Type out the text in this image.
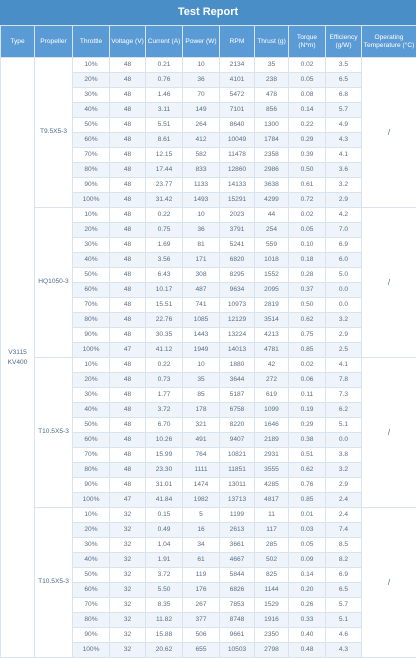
Test Report
Type	Propeller	Throttle	Voltage (V)	Current (A)	Power (W)	RPM	Thrust (g)	Torque (N*m)	Efficiency (g/W)	Operating Temperature (°C)
V3115 KV400	T9.5X5-3	10%	48	0.21	10	2134	35	0.02	3.5	/
		20%	48	0.76	36	4101	238	0.05	6.5	
		30%	48	1.46	70	5472	478	0.08	6.8	
		40%	48	3.11	149	7101	856	0.14	5.7	
		50%	48	5.51	264	8640	1300	0.22	4.9	
		60%	48	8.61	412	10049	1784	0.29	4.3	
		70%	48	12.15	582	11478	2358	0.39	4.1	
		80%	48	17.44	833	12860	2986	0.50	3.6	
		90%	48	23.77	1133	14133	3638	0.61	3.2	
		100%	48	31.42	1493	15291	4299	0.72	2.9	
	HQ1050-3	10%	48	0.22	10	2023	44	0.02	4.2	/
		20%	48	0.75	36	3791	254	0.05	7.0	
		30%	48	1.69	81	5241	559	0.10	6.9	
		40%	48	3.56	171	6820	1018	0.18	6.0	
		50%	48	6.43	308	8295	1552	0.28	5.0	
		60%	48	10.17	487	9634	2095	0.37	0.0	
		70%	48	15.51	741	10973	2819	0.50	0.0	
		80%	48	22.76	1085	12129	3514	0.62	3.2	
		90%	48	30.35	1443	13224	4213	0.75	2.9	
		100%	47	41.12	1949	14013	4781	0.85	2.5	
	T10.5X5-3	10%	48	0.22	10	1880	42	0.02	4.1	/
		20%	48	0.73	35	3644	272	0.06	7.8	
		30%	48	1.77	85	5187	619	0.11	7.3	
		40%	48	3.72	178	6758	1099	0.19	6.2	
		50%	48	6.70	321	8220	1646	0.29	5.1	
		60%	48	10.26	491	9407	2189	0.38	0.0	
		70%	48	15.99	764	10821	2931	0.51	3.8	
		80%	48	23.30	1111	11851	3555	0.62	3.2	
		90%	48	31.01	1474	13011	4285	0.76	2.9	
		100%	47	41.84	1982	13713	4817	0.85	2.4	
	T10.5X5-3	10%	32	0.15	5	1199	11	0.01	2.4	/
		20%	32	0.49	16	2613	117	0.03	7.4	
		30%	32	1.04	34	3661	285	0.05	8.5	
		40%	32	1.91	61	4667	502	0.09	8.2	
		50%	32	3.72	119	5844	825	0.14	6.9	
		60%	32	5.50	176	6826	1144	0.20	6.5	
		70%	32	8.35	267	7853	1529	0.26	5.7	
		80%	32	11.82	377	8748	1916	0.33	5.1	
		90%	32	15.88	506	9661	2350	0.40	4.6	
		100%	32	20.62	655	10503	2798	0.48	4.3	
